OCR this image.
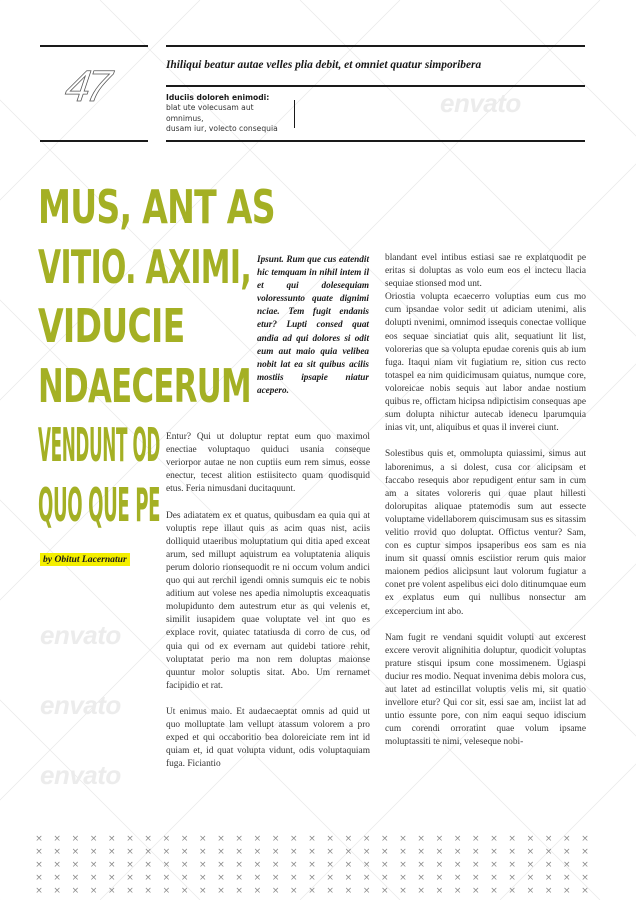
47	Ihiliqui beatur autae velles plia debit, et omniet quatur simporibera
Iduciis doloreh enimodi:
blat ute volecusam aut
omnimus,
dusam iur, volecto consequia
envato
envato
envato
envato
MUS, ANT AS
VITIO. AXIMI,
VIDUCIE
NDAECERUM
VENDUNT OD
QUO QUE PE
by Obitut Lacernatur
Ipsunt. Rum que cus eatendit hic temquam in nihil intem il et qui dolesequiam voloressunto quate dignimi nciae. Tem fugit endanis etur? Lupti consed quat andia ad qui dolores si odit eum aut maio quia velibea nobit lat ea sit quibus acilis mostiis ipsapie niatur acepero.

Entur? Qui ut doluptur reptat eum quo maximol enectiae voluptaquo quiduci usania conseque veriorpor autae ne non cuptiis eum rem simus, eosse enectur, tecest alition estiisitecto quam quodisquid etus. Feria nimusdani ducitaquunt.

Des adiatatem ex et quatus, quibusdam ea quia qui at voluptis repe illaut quis as acim quas nist, aciis dolliquid utaeribus moluptatium qui ditia aped exceat arum, sed millupt aquistrum ea voluptatenia aliquis perum dolorio rionsequodit re ni occum volum andici quo qui aut rerchil igendi omnis sumquis eic te nobis aditium aut volese nes apedia nimoluptis exceaquatis molupidunto dem autestrum etur as qui velenis et, similit iusapidem quae voluptate vel int quo es explace rovit, quiatec tatatiusda di corro de cus, od quia qui od ex evernam aut quidebi tatiore rehit, voluptatat perio ma non rem doluptas maionse quuntur molor soluptis sitat. Abo. Um rernamet facipidio et rat.

Ut enimus maio. Et audaecaeptat omnis ad quid ut quo molluptate lam vellupt atassum volorem a pro exped et qui occaboritio bea doloreiciate rem int id quiam et, id quat volupta vidunt, odis voluptaquiam fuga. Ficiantio

blandant evel intibus estiasi sae re explatquodit pe eritas si doluptas as volo eum eos el inctecu llacia sequiae stionsed mod unt.
Oriostia volupta ecaecerro voluptias eum cus mo cum ipsandae volor sedit ut adiciam utenimi, alis dolupti nvenimi, omnimod issequis conectae vollique eos sequae sinciatiat quis alit, sequatiunt lit list, volorerias que sa volupta epudae corenis quis ab ium fuga. Itaqui niam vit fugiatium re, sition cus recto totaspel ea nim quidicimusam quiatus, numque core, voloreicae nobis sequis aut labor andae nostium quibus re, offictam hicipsa ndipictisim consequas ape sum dolupta nihictur autecab idenecu lparumquia inias vit, unt, aliquibus et quas il inverei ciunt.

Solestibus quis et, ommolupta quiassimi, simus aut laborenimus, a si dolest, cusa cor alicipsam et faccabo resequis abor repudigent entur sam in cum am a sitates voloreris qui quae plaut hillesti dolorupitas aliquae ptatemodis sum aut essecte voluptame videllaborem quiscimusam sus es sitassim velitio rrovid quo doluptat. Offictus ventur? Sam, con es cuptur simpos ipsaperibus eos sam es nia inum sit quassi omnis esciistior rerum quis maior maionem pedios alicipsunt laut volorum fugiatur a conet pre volent aspelibus eici dolo ditinumquae eum ex explatus eum qui nullibus nonsectur am excepercium int abo.

Nam fugit re vendani squidit volupti aut excerest excere verovit alignihitia doluptur, quodicit voluptas prature stisqui ipsum cone mossimenem. Ugiaspi duciur res modio. Nequat invenima debis molora cus, aut latet ad estincillat voluptis velis mi, sit quatio invellore etur? Qui cor sit, essi sae am, inciist lat ad untio essunte pore, con nim eaqui sequo idiscium cum corendi orroratint quae volum ipsame moluptassiti te nimi, veleseque nobi-

× × × × × × × × × × × × × × × × × × × × × × × × × × × × × × ×
× × × × × × × × × × × × × × × × × × × × × × × × × × × × × × ×
× × × × × × × × × × × × × × × × × × × × × × × × × × × × × × ×
× × × × × × × × × × × × × × × × × × × × × × × × × × × × × × ×
× × × × × × × × × × × × × × × × × × × × × × × × × × × × × × ×
